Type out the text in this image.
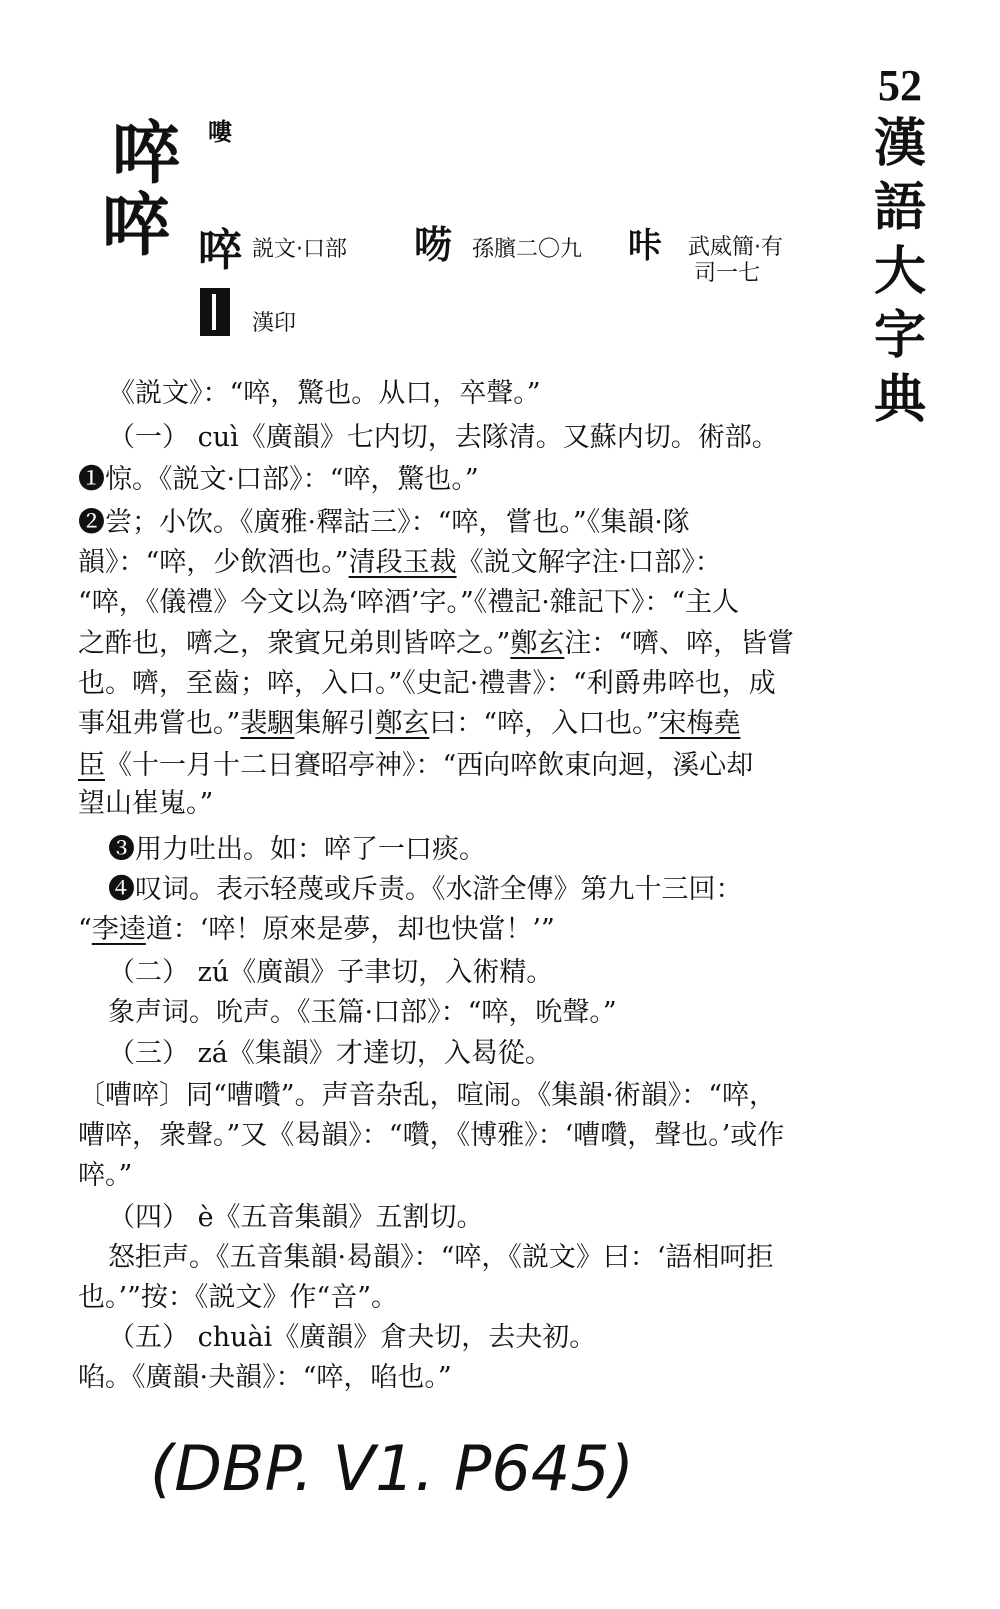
52
漢語大字典
啐 嘍
啐 啐 説文·口部 㖴 孫臏二〇九 咔 武威簡·有
司一七
漢印
《説文》：“啐，驚也。从口，卒聲。”
（一） cuì《廣韻》七内切，去隊清。又蘇内切。術部。
❶惊。《説文·口部》：“啐，驚也。”
❷尝；小饮。《廣雅·釋詁三》：“啐，嘗也。”《集韻·隊
韻》：“啐，少飲酒也。”清段玉裁《説文解字注·口部》：
“啐，《儀禮》今文以為‘啐酒’字。”《禮記·雜記下》：“主人
之酢也，嚌之，衆賓兄弟則皆啐之。”鄭玄注：“嚌、啐，皆嘗
也。嚌，至齒；啐，入口。”《史記·禮書》：“利爵弗啐也，成
事俎弗嘗也。”裴駰集解引鄭玄曰：“啐，入口也。”宋梅堯
臣《十一月十二日賽昭亭神》：“西向啐飲東向迴，溪心却
望山崔嵬。”
❸用力吐出。如：啐了一口痰。
❹叹词。表示轻蔑或斥责。《水滸全傳》第九十三回：
“李逵道：‘啐！原來是夢，却也快當！’”
（二） zú《廣韻》子聿切，入術精。
象声词。吮声。《玉篇·口部》：“啐，吮聲。”
（三） zá《集韻》才達切，入曷從。
〔嘈啐〕同“嘈囋”。声音杂乱，喧闹。《集韻·術韻》：“啐，
嘈啐，衆聲。”又《曷韻》：“囋，《博雅》：‘嘈囋，聲也。’或作
啐。”
（四） è《五音集韻》五割切。
怒拒声。《五音集韻·曷韻》：“啐，《説文》曰：‘語相呵拒
也。’”按：《説文》作“咅”。
（五） chuài《廣韻》倉夬切，去夬初。
啗。《廣韻·夬韻》：“啐，啗也。”
(DBP. V1. P645)
